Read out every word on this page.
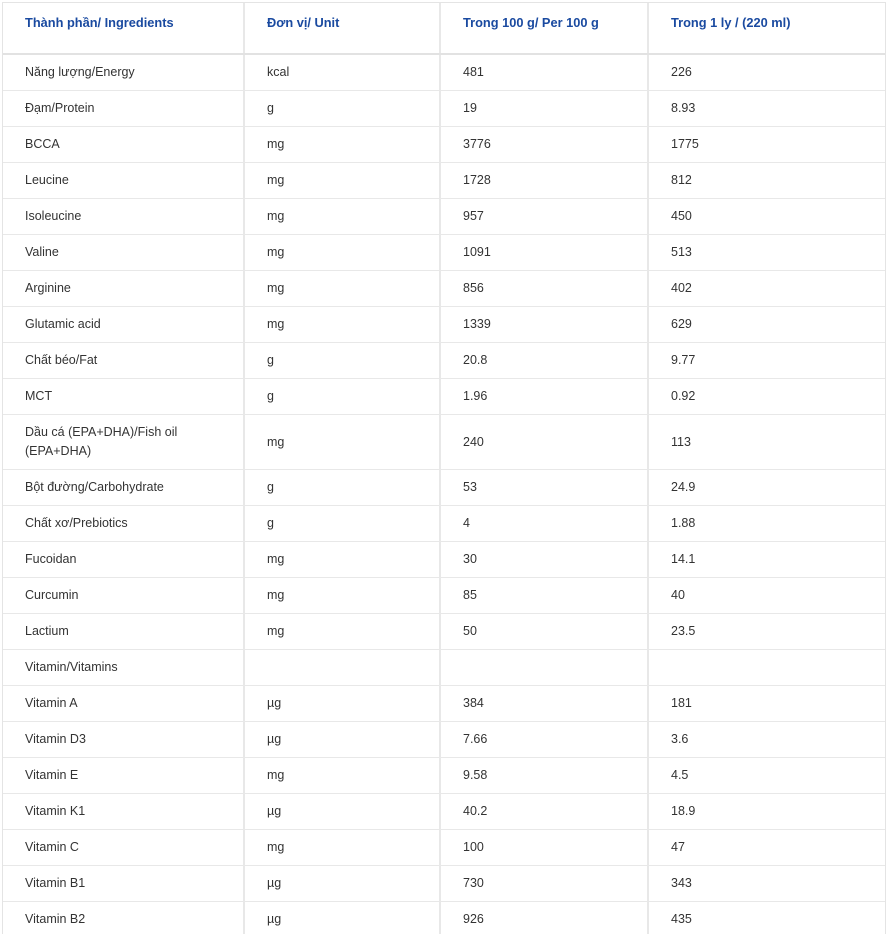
Thành phần/ Ingredients	Đơn vị/ Unit	Trong 100 g/ Per 100 g	Trong 1 ly / (220 ml)
Năng lượng/Energy	kcal	481	226
Đạm/Protein	g	19	8.93
BCCA	mg	3776	1775
Leucine	mg	1728	812
Isoleucine	mg	957	450
Valine	mg	1091	513
Arginine	mg	856	402
Glutamic acid	mg	1339	629
Chất béo/Fat	g	20.8	9.77
MCT	g	1.96	0.92
Dầu cá (EPA+DHA)/Fish oil (EPA+DHA)	mg	240	113
Bột đường/Carbohydrate	g	53	24.9
Chất xơ/Prebiotics	g	4	1.88
Fucoidan	mg	30	14.1
Curcumin	mg	85	40
Lactium	mg	50	23.5
Vitamin/Vitamins			
Vitamin A	µg	384	181
Vitamin D3	µg	7.66	3.6
Vitamin E	mg	9.58	4.5
Vitamin K1	µg	40.2	18.9
Vitamin C	mg	100	47
Vitamin B1	µg	730	343
Vitamin B2	µg	926	435
